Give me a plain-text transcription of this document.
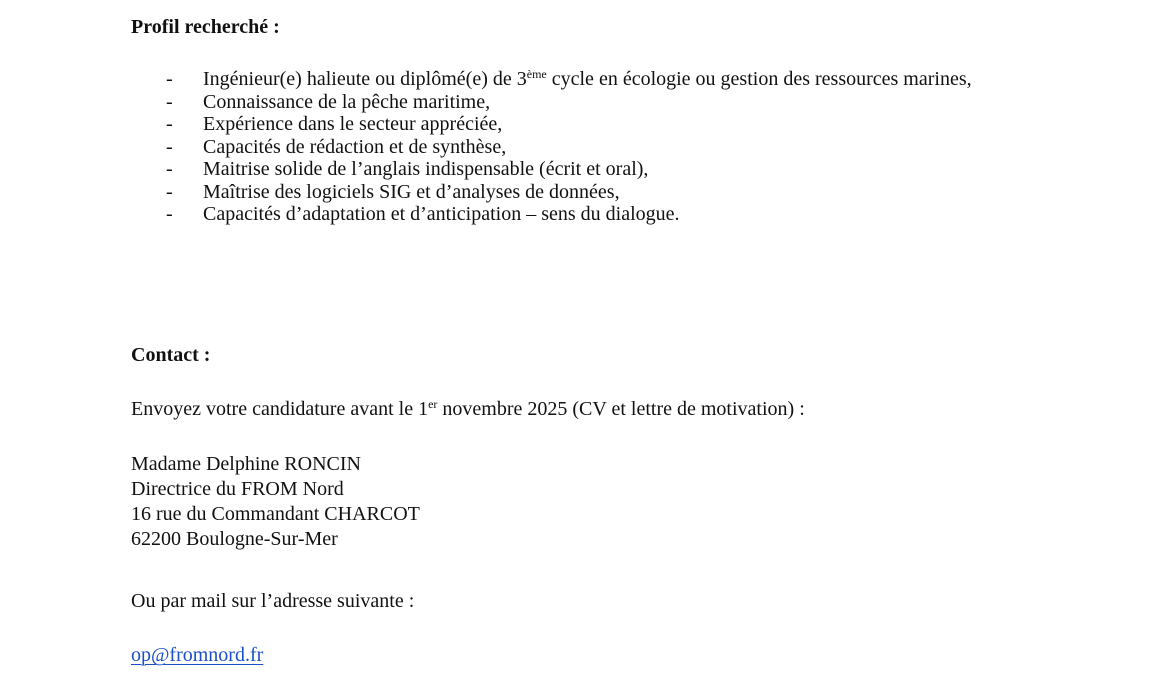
Profil recherché :
- Ingénieur(e) halieute ou diplômé(e) de 3ème cycle en écologie ou gestion des ressources marines,
- Connaissance de la pêche maritime,
- Expérience dans le secteur appréciée,
- Capacités de rédaction et de synthèse,
- Maitrise solide de l’anglais indispensable (écrit et oral),
- Maîtrise des logiciels SIG et d’analyses de données,
- Capacités d’adaptation et d’anticipation – sens du dialogue.
Contact :

Envoyez votre candidature avant le 1er novembre 2025 (CV et lettre de motivation) :

Madame Delphine RONCIN
Directrice du FROM Nord
16 rue du Commandant CHARCOT
62200 Boulogne-Sur-Mer

Ou par mail sur l’adresse suivante :

op@fromnord.fr
